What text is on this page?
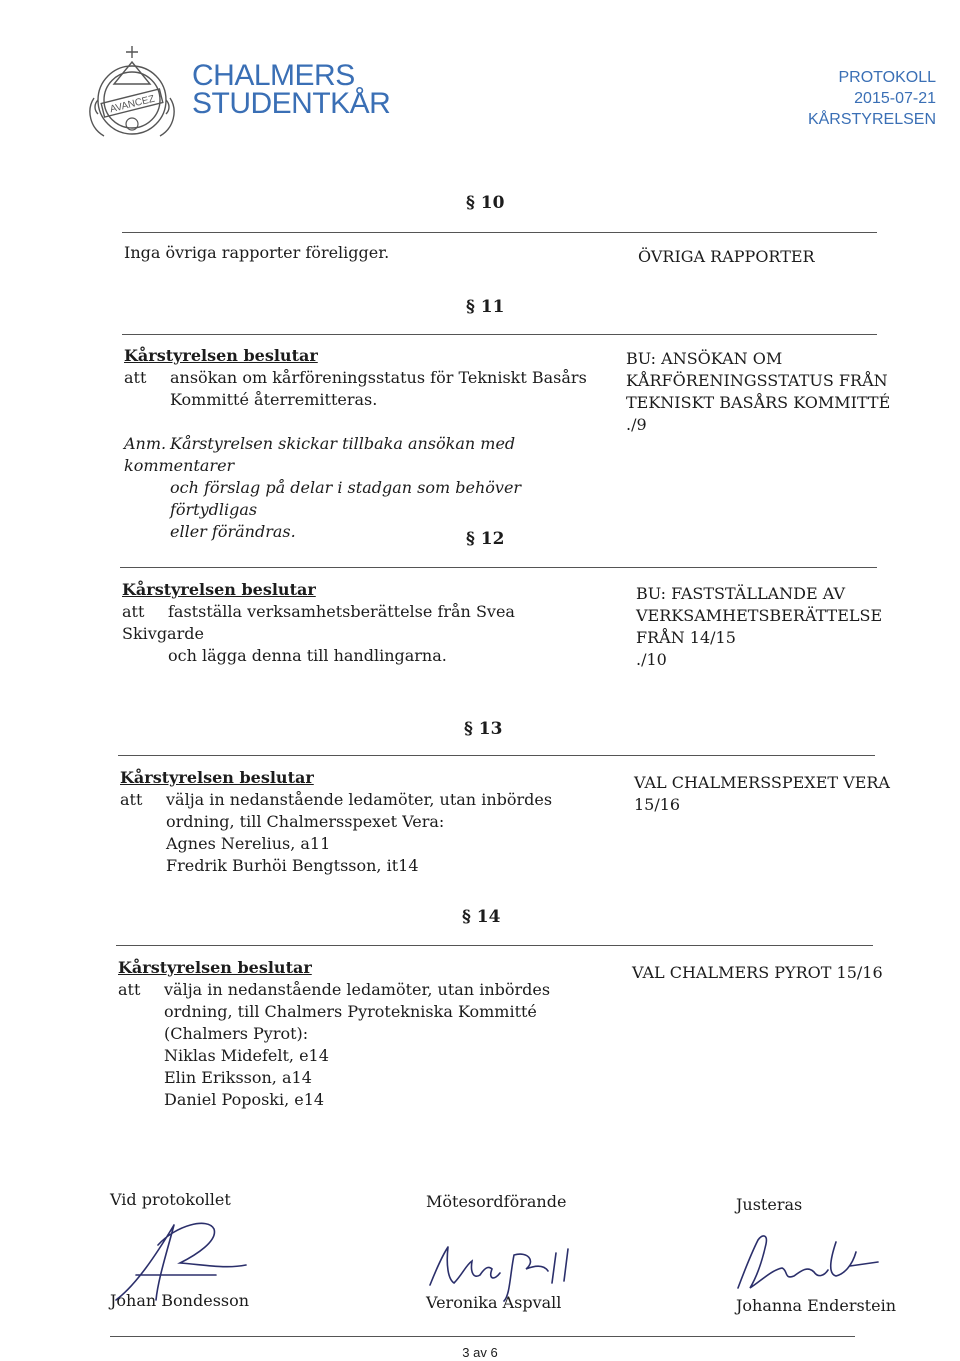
AVANCEZ
CHALMERS
STUDENTKÅR
PROTOKOLL
2015-07-21
KÅRSTYRELSEN
§ 10
Inga övriga rapporter föreligger.	ÖVRIGA RAPPORTER
§ 11
Kårstyrelsen beslutar
att ansökan om kårföreningsstatus för Tekniskt Basårs
Kommitté återremitteras.
Anm. Kårstyrelsen skickar tillbaka ansökan med kommentarer
och förslag på delar i stadgan som behöver förtydligas
eller förändras.
BU: ANSÖKAN OM
KÅRFÖRENINGSSTATUS FRÅN
TEKNISKT BASÅRS KOMMITTÉ
./9
§ 12
Kårstyrelsen beslutar
att fastställa verksamhetsberättelse från Svea Skivgarde
och lägga denna till handlingarna.
BU: FASTSTÄLLANDE AV
VERKSAMHETSBERÄTTELSE
FRÅN 14/15
./10
§ 13
Kårstyrelsen beslutar
att välja in nedanstående ledamöter, utan inbördes
ordning, till Chalmersspexet Vera:
Agnes Nerelius, a11
Fredrik Burhöi Bengtsson, it14
VAL CHALMERSSPEXET VERA
15/16
§ 14
Kårstyrelsen beslutar
att välja in nedanstående ledamöter, utan inbördes
ordning, till Chalmers Pyrotekniska Kommitté
(Chalmers Pyrot):
Niklas Midefelt, e14
Elin Eriksson, a14
Daniel Poposki, e14
VAL CHALMERS PYROT 15/16
Vid protokollet	Mötesordförande	Justeras
Johan Bondesson	Veronika Aspvall	Johanna Enderstein
3 av 6
